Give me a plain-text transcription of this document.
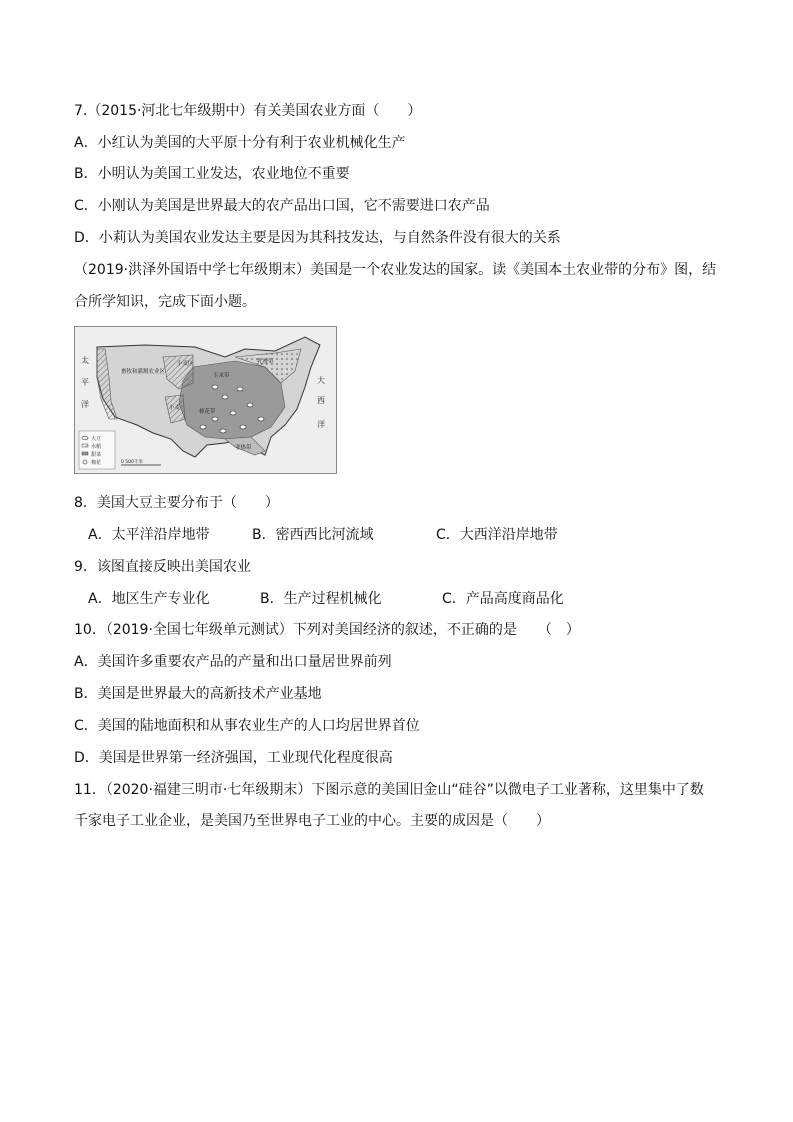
7.（2015·河北七年级期中）有关美国农业方面（　　）
A．小红认为美国的大平原十分有利于农业机械化生产
B．小明认为美国工业发达，农业地位不重要
C．小刚认为美国是世界最大的农产品出口国，它不需要进口农产品
D．小莉认为美国农业发达主要是因为其科技发达，与自然条件没有很大的关系
（2019·洪泽外国语中学七年级期末）美国是一个农业发达的国家。读《美国本土农业带的分布》图，结
合所学知识，完成下面小题。
太
平
洋
大
西
洋
畜牧和灌溉农业区
小麦区
玉米带
乳畜带
小麦
棉花带
亚热带
大豆
水稻
甜菜
棉花	0 500千米
8．美国大豆主要分布于（　　）
A．太平洋沿岸地带	B．密西西比河流域	C．大西洋沿岸地带
9．该图直接反映出美国农业
A．地区生产专业化	B．生产过程机械化	C．产品高度商品化
10．（2019·全国七年级单元测试）下列对美国经济的叙述，不正确的是　　（　）
A．美国许多重要农产品的产量和出口量居世界前列
B．美国是世界最大的高新技术产业基地
C．美国的陆地面积和从事农业生产的人口均居世界首位
D．美国是世界第一经济强国，工业现代化程度很高
11．（2020·福建三明市·七年级期末）下图示意的美国旧金山“硅谷”以微电子工业著称，这里集中了数
千家电子工业企业，是美国乃至世界电子工业的中心。主要的成因是（　　）
